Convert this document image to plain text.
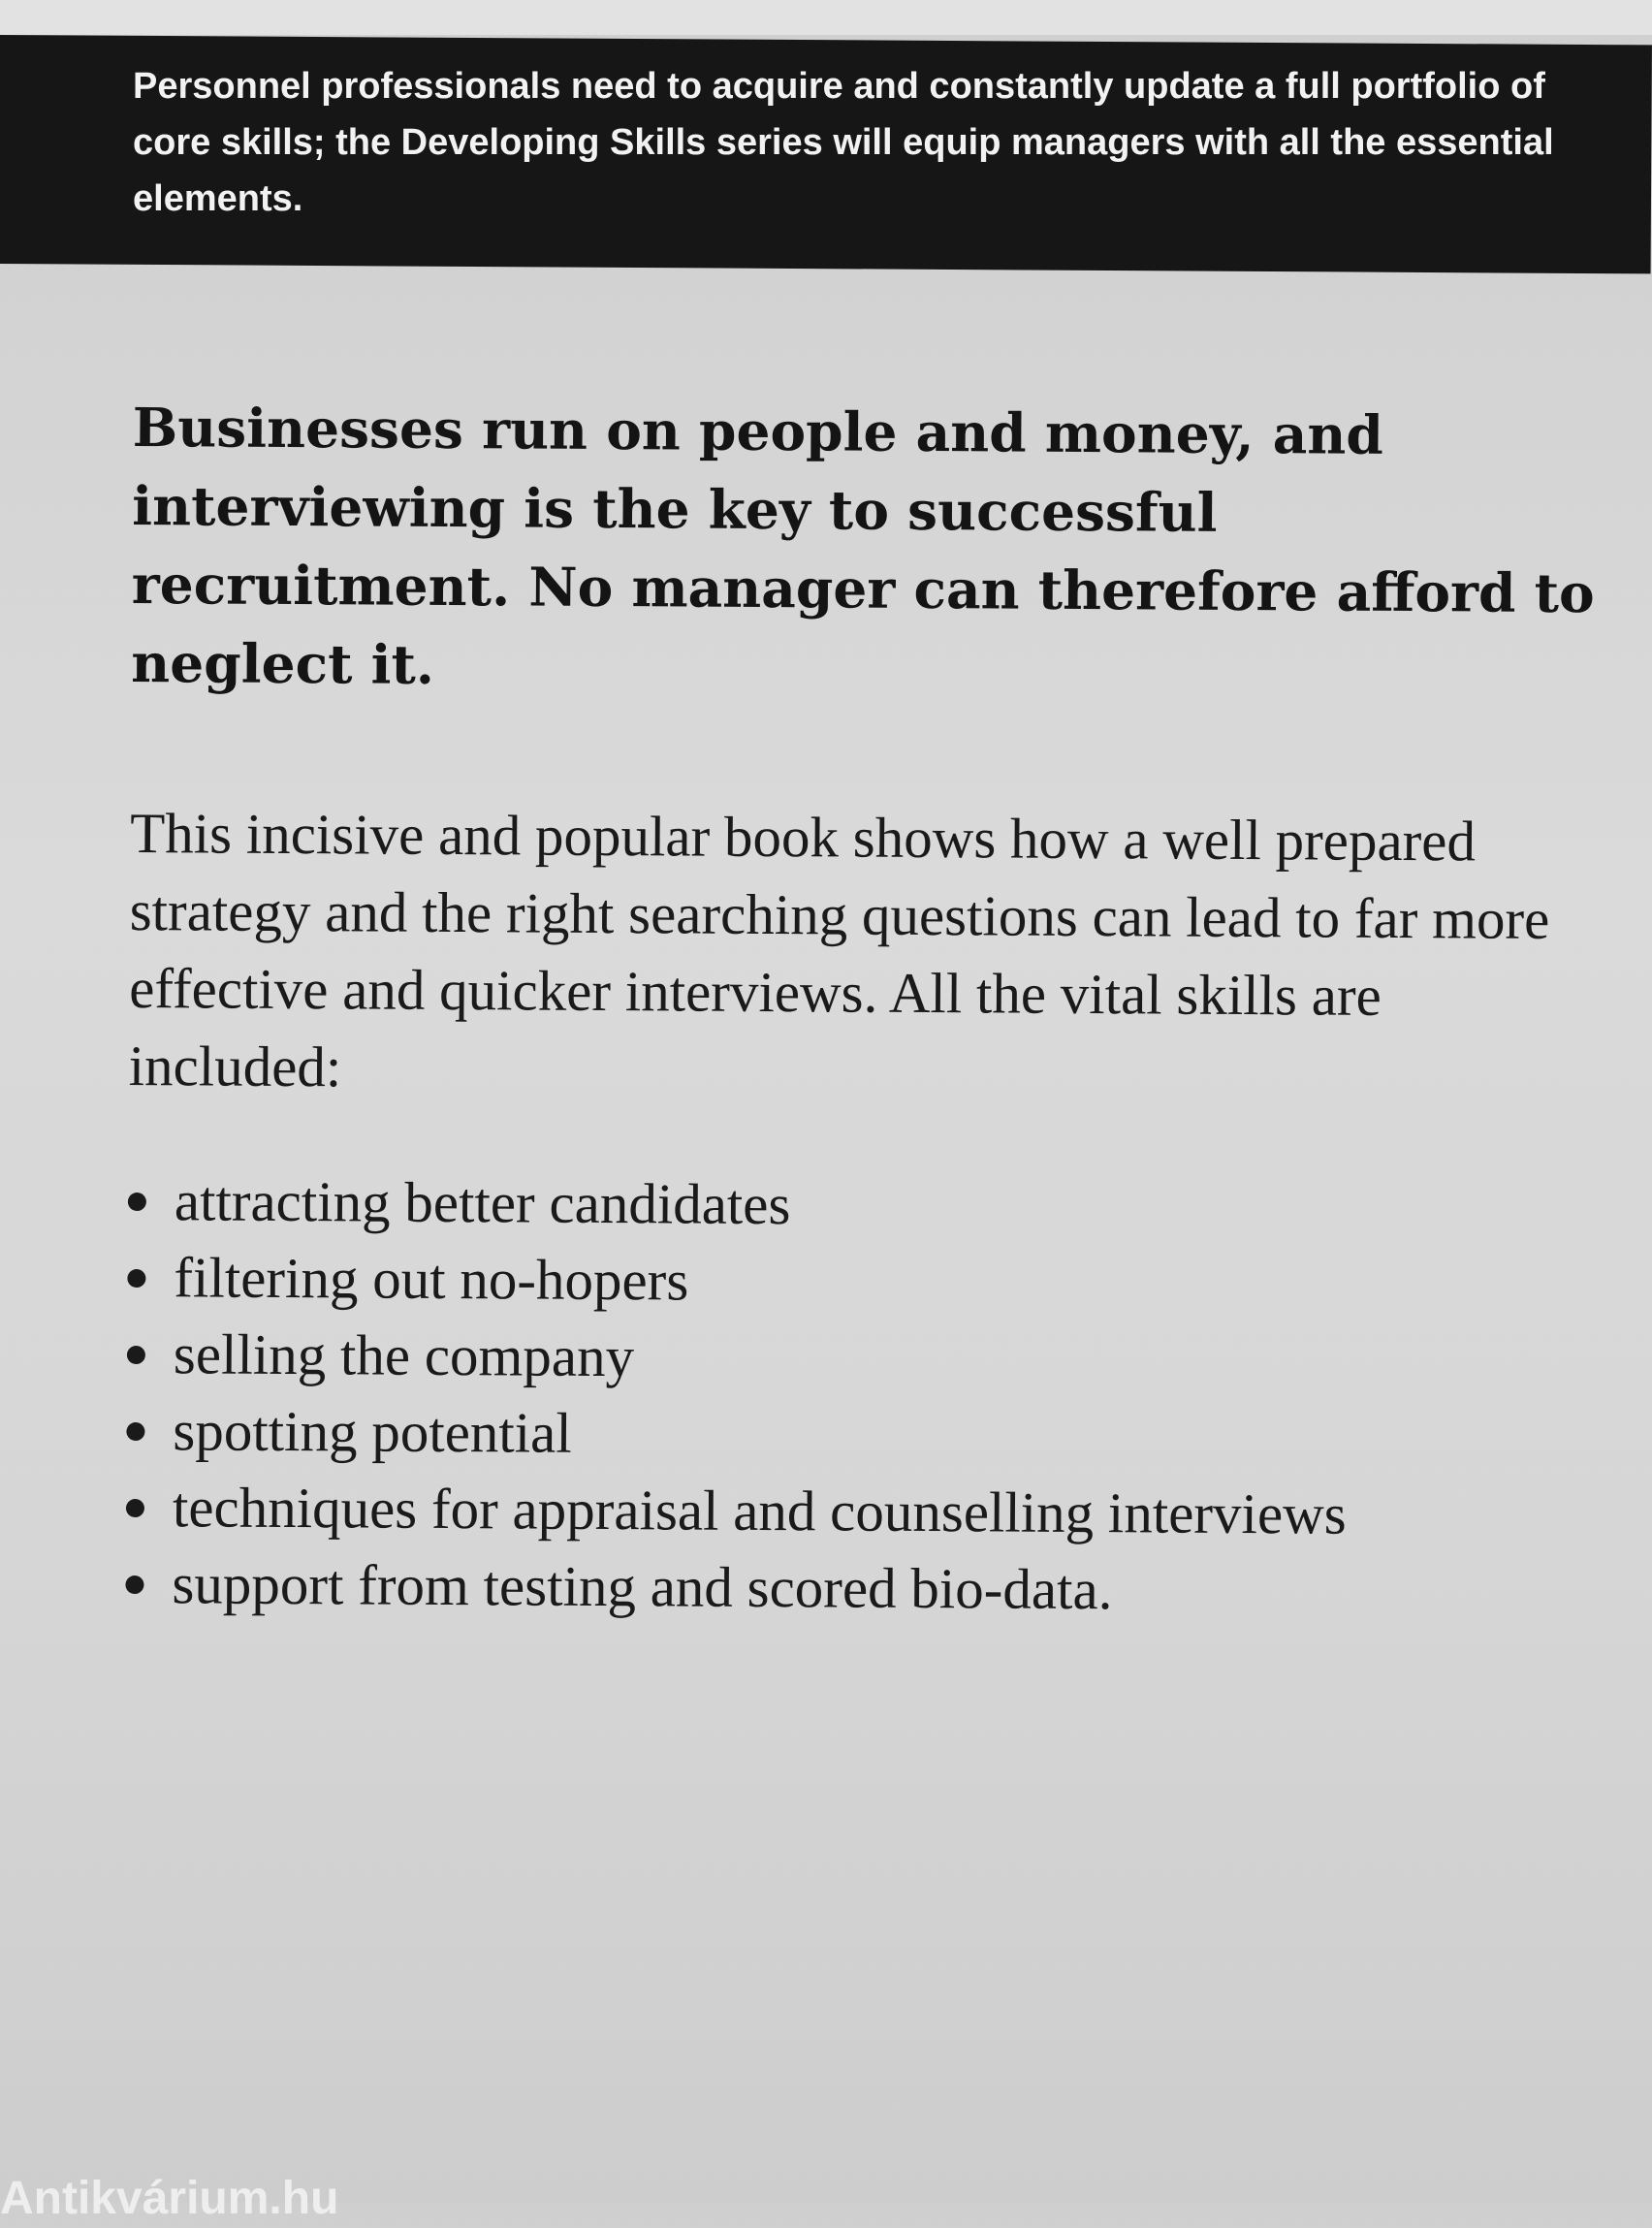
Personnel professionals need to acquire and constantly update a full portfolio of core skills; the Developing Skills series will equip managers with all the essential elements.

Businesses run on people and money, and interviewing is the key to successful recruitment. No manager can therefore afford to neglect it.

This incisive and popular book shows how a well prepared strategy and the right searching questions can lead to far more effective and quicker interviews. All the vital skills are included:

attracting better candidates
filtering out no-hopers
selling the company
spotting potential
techniques for appraisal and counselling interviews
support from testing and scored bio-data.

Antikvárium.hu
